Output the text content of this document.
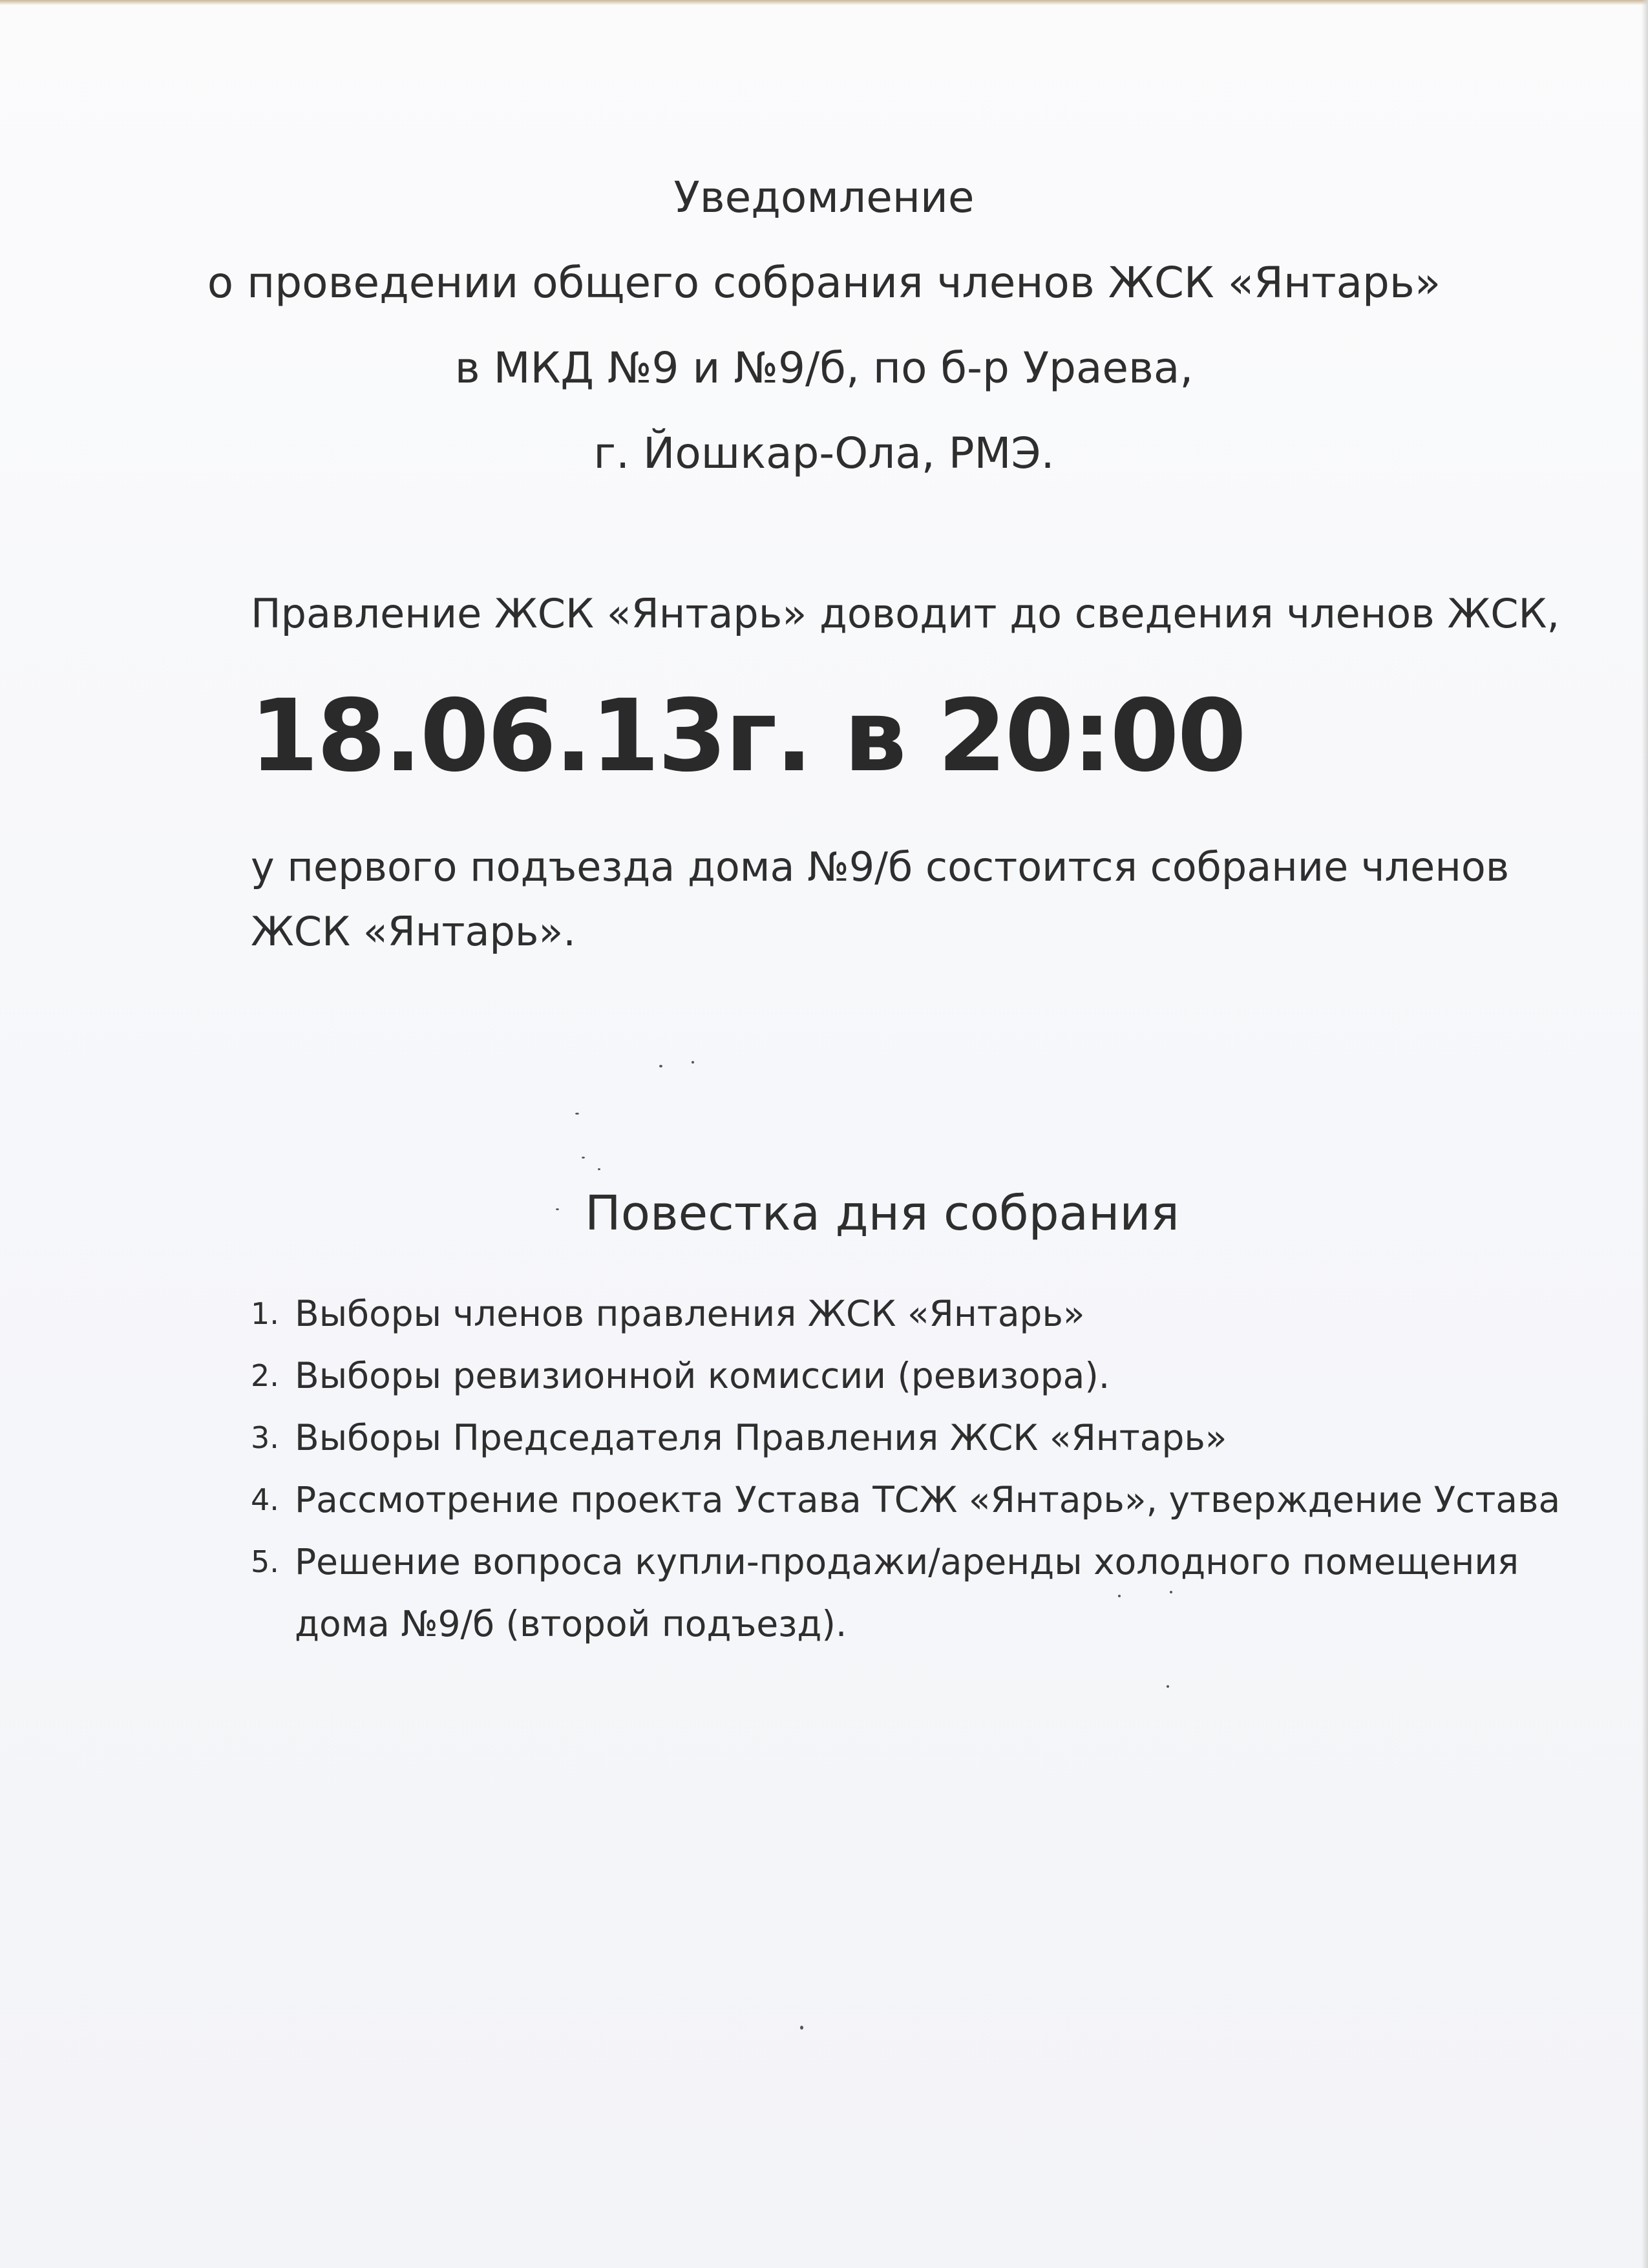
Уведомление
о проведении общего собрания членов ЖСК «Янтарь»
в МКД №9 и №9/б, по б-р Ураева,
г. Йошкар-Ола, РМЭ.
Правление ЖСК «Янтарь» доводит до сведения членов ЖСК,
18.06.13г. в 20:00
у первого подъезда дома №9/б состоится собрание членов
ЖСК «Янтарь».
Повестка дня собрания
1. Выборы членов правления ЖСК «Янтарь»
2. Выборы ревизионной комиссии (ревизора).
3. Выборы Председателя Правления ЖСК «Янтарь»
4. Рассмотрение проекта Устава ТСЖ «Янтарь», утверждение Устава
5. Решение вопроса купли-продажи/аренды холодного помещения
дома №9/б (второй подъезд).
